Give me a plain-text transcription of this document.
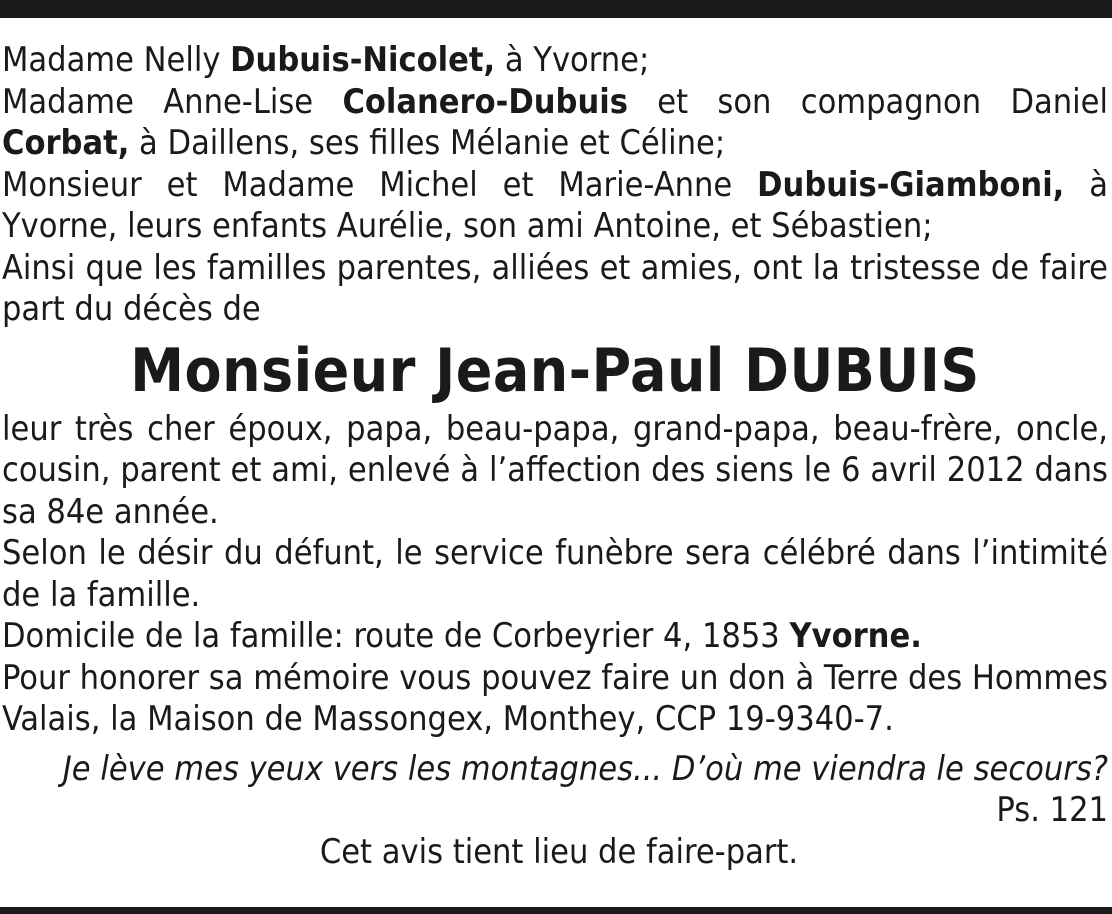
Madame Nelly Dubuis-Nicolet, à Yvorne;

Madame Anne-Lise Colanero-Dubuis et son compagnon Daniel Corbat, à Daillens, ses filles Mélanie et Céline;

Monsieur et Madame Michel et Marie-Anne Dubuis-Giamboni, à Yvorne, leurs enfants Aurélie, son ami Antoine, et Sébastien;

Ainsi que les familles parentes, alliées et amies, ont la tristesse de faire part du décès de

Monsieur Jean-Paul DUBUIS

leur très cher époux, papa, beau-papa, grand-papa, beau-frère, oncle, cousin, parent et ami, enlevé à l’affection des siens le 6 avril 2012 dans sa 84e année.

Selon le désir du défunt, le service funèbre sera célébré dans l’intimité de la famille.

Domicile de la famille: route de Corbeyrier 4, 1853 Yvorne.

Pour honorer sa mémoire vous pouvez faire un don à Terre des Hommes Valais, la Maison de Massongex, Monthey, CCP 19-9340-7.

Je lève mes yeux vers les montagnes... D’où me viendra le secours?

Ps. 121

Cet avis tient lieu de faire-part.
